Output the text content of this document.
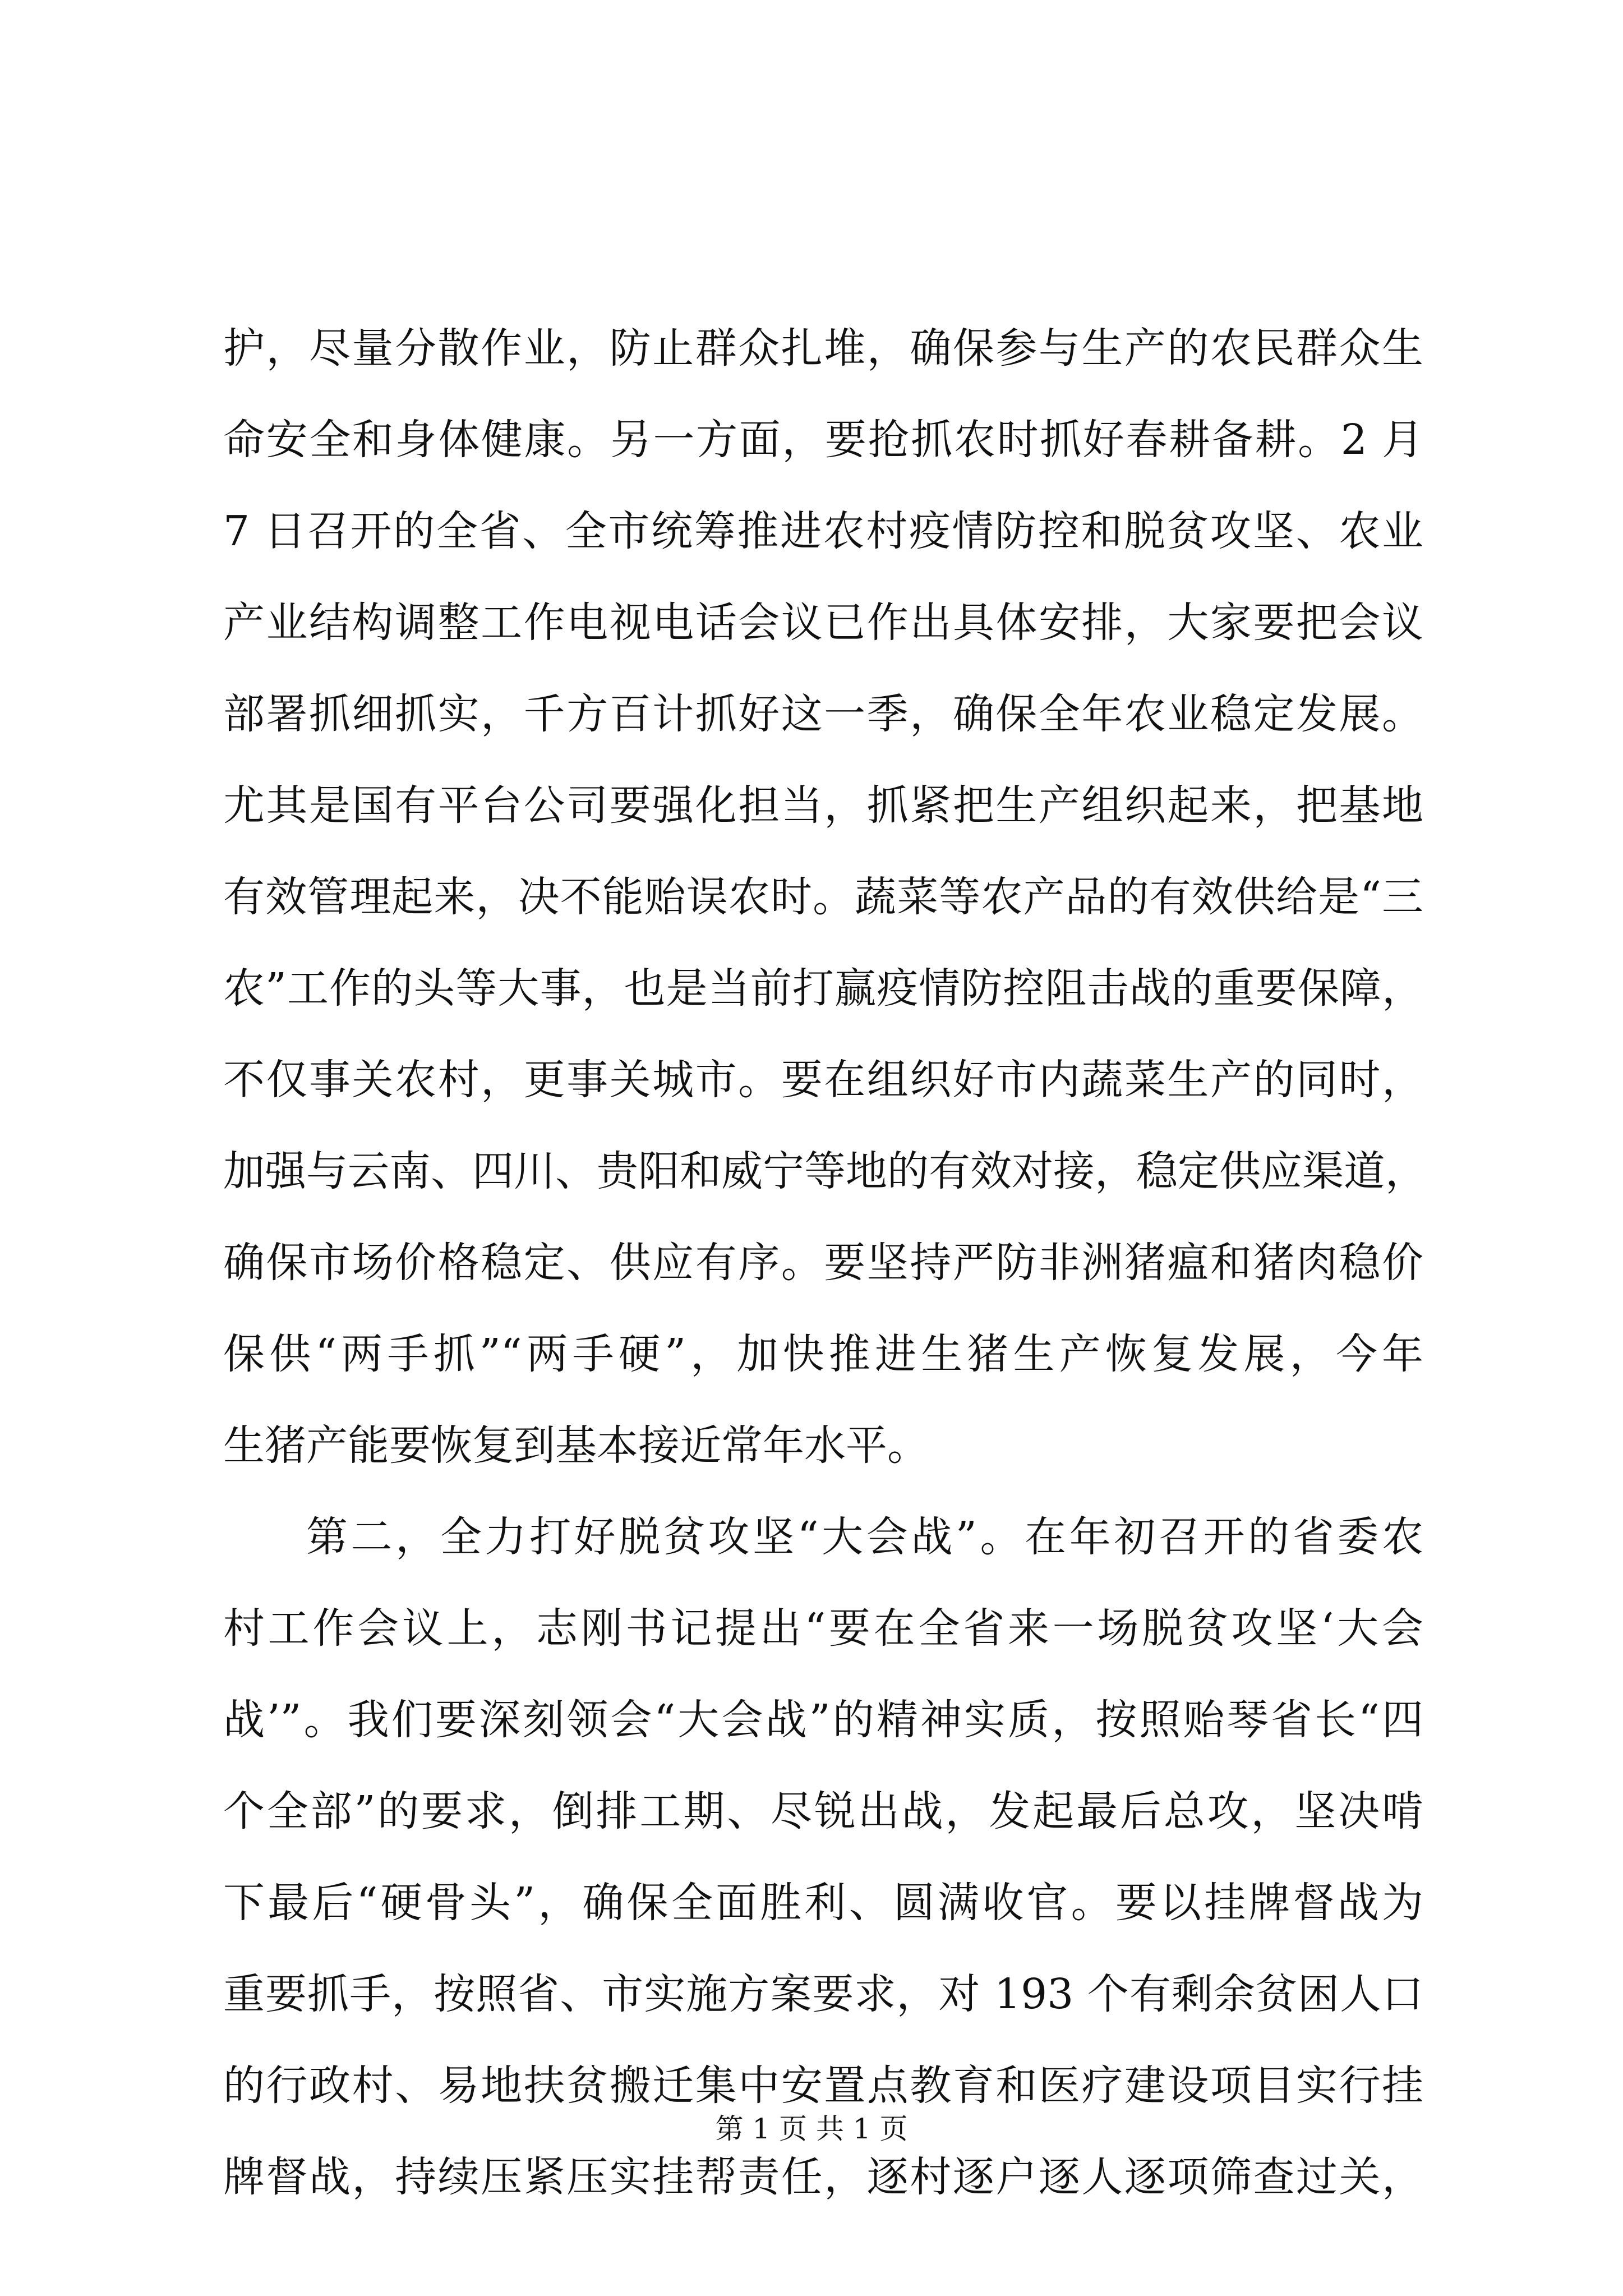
护，尽量分散作业，防止群众扎堆，确保参与生产的农民群众生
命安全和身体健康。另一方面，要抢抓农时抓好春耕备耕。2 月
7 日召开的全省、全市统筹推进农村疫情防控和脱贫攻坚、农业
产业结构调整工作电视电话会议已作出具体安排，大家要把会议
部署抓细抓实，千方百计抓好这一季，确保全年农业稳定发展。
尤其是国有平台公司要强化担当，抓紧把生产组织起来，把基地
有效管理起来，决不能贻误农时。蔬菜等农产品的有效供给是“三
农”工作的头等大事，也是当前打赢疫情防控阻击战的重要保障，
不仅事关农村，更事关城市。要在组织好市内蔬菜生产的同时，
加强与云南、四川、贵阳和威宁等地的有效对接，稳定供应渠道，
确保市场价格稳定、供应有序。要坚持严防非洲猪瘟和猪肉稳价
保供“两手抓”“两手硬”，加快推进生猪生产恢复发展，今年
生猪产能要恢复到基本接近常年水平。
第二，全力打好脱贫攻坚“大会战”。在年初召开的省委农
村工作会议上，志刚书记提出“要在全省来一场脱贫攻坚‘大会
战’”。我们要深刻领会“大会战”的精神实质，按照贻琴省长“四
个全部”的要求，倒排工期、尽锐出战，发起最后总攻，坚决啃
下最后“硬骨头”，确保全面胜利、圆满收官。要以挂牌督战为
重要抓手，按照省、市实施方案要求，对 193 个有剩余贫困人口
的行政村、易地扶贫搬迁集中安置点教育和医疗建设项目实行挂
牌督战，持续压紧压实挂帮责任，逐村逐户逐人逐项筛查过关，
第 1 页 共 1 页
